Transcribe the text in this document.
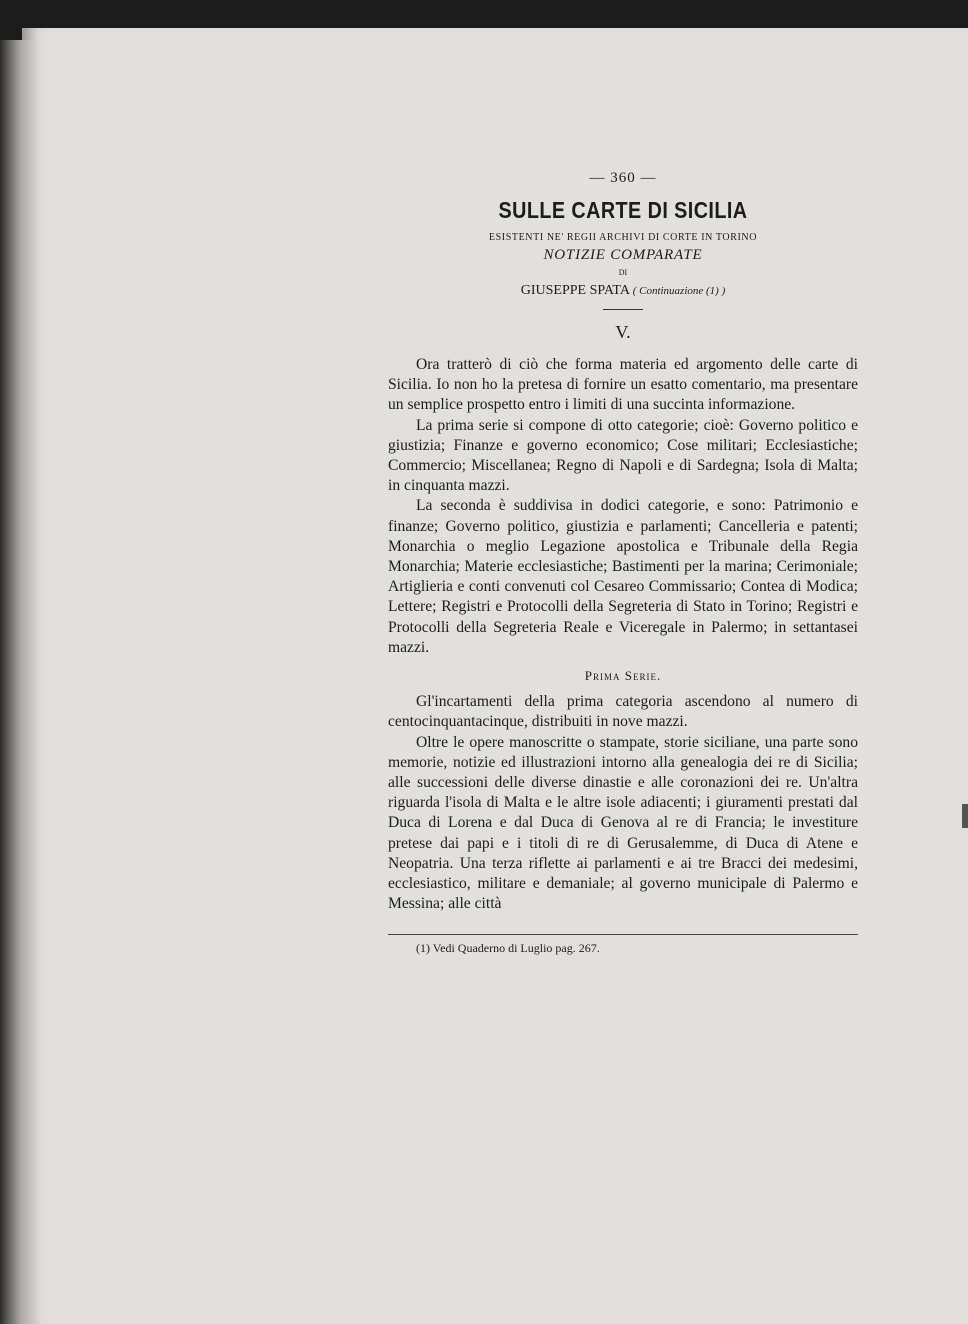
— 360 —
SULLE CARTE DI SICILIA
ESISTENTI NE' REGII ARCHIVI DI CORTE IN TORINO
NOTIZIE COMPARATE
DI
GIUSEPPE SPATA ( Continuazione (1) )
V.

Ora tratterò di ciò che forma materia ed argomento delle carte di Sicilia. Io non ho la pretesa di fornire un esatto comentario, ma presentare un semplice prospetto entro i limiti di una succinta informazione.

La prima serie si compone di otto categorie; cioè: Governo politico e giustizia; Finanze e governo economico; Cose militari; Ecclesiastiche; Commercio; Miscellanea; Regno di Napoli e di Sardegna; Isola di Malta; in cinquanta mazzi.

La seconda è suddivisa in dodici categorie, e sono: Patrimonio e finanze; Governo politico, giustizia e parlamenti; Cancelleria e patenti; Monarchia o meglio Legazione apostolica e Tribunale della Regia Monarchia; Materie ecclesiastiche; Bastimenti per la marina; Cerimoniale; Artiglieria e conti convenuti col Cesareo Commissario; Contea di Modica; Lettere; Registri e Protocolli della Segreteria di Stato in Torino; Registri e Protocolli della Segreteria Reale e Viceregale in Palermo; in settantasei mazzi.

Prima Serie.

Gl'incartamenti della prima categoria ascendono al numero di centocinquantacinque, distribuiti in nove mazzi.

Oltre le opere manoscritte o stampate, storie siciliane, una parte sono memorie, notizie ed illustrazioni intorno alla genealogia dei re di Sicilia; alle successioni delle diverse dinastie e alle coronazioni dei re. Un'altra riguarda l'isola di Malta e le altre isole adiacenti; i giuramenti prestati dal Duca di Lorena e dal Duca di Genova al re di Francia; le investiture pretese dai papi e i titoli di re di Gerusalemme, di Duca di Atene e Neopatria. Una terza riflette ai parlamenti e ai tre Bracci dei medesimi, ecclesiastico, militare e demaniale; al governo municipale di Palermo e Messina; alle città

(1) Vedi Quaderno di Luglio pag. 267.
